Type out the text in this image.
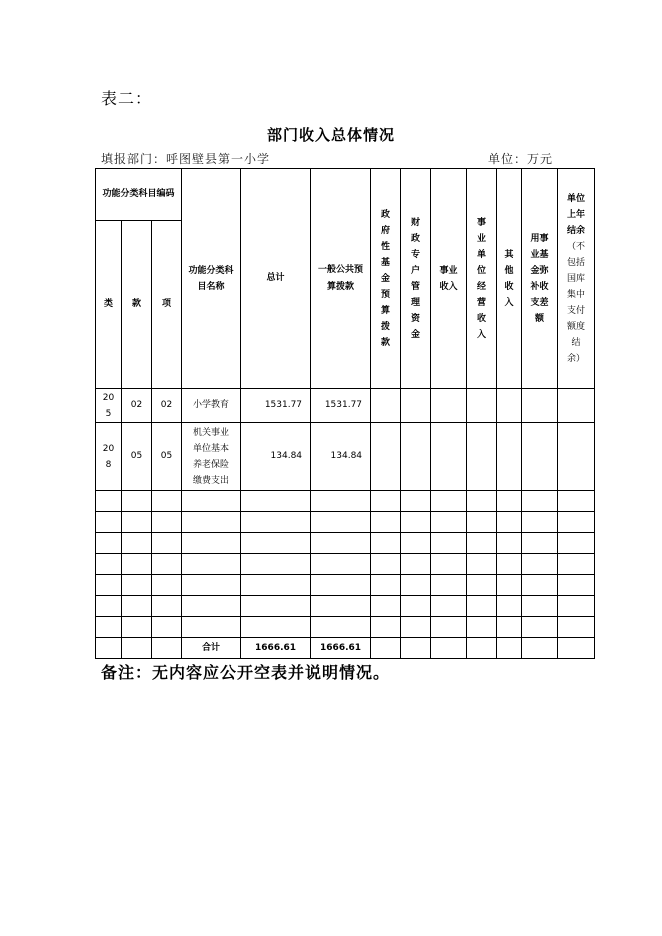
表二：
部门收入总体情况
填报部门：呼图壁县第一小学	单位：万元
功能分类科目编码			功能分类科目名称	总计	一般公共预算拨款	政府性基金预算拨款	财政专户管理资金	事业收入	事业单位经营收入	其他收入	用事业基金弥补收支差额	单位上年结余（不包括国库集中支付额度结余）
类	款	项										
205	02	02	小学教育	1531.77	1531.77							
208	05	05	机关事业单位基本养老保险缴费支出	134.84	134.84							

			合计	1666.61	1666.61							
备注：无内容应公开空表并说明情况。
